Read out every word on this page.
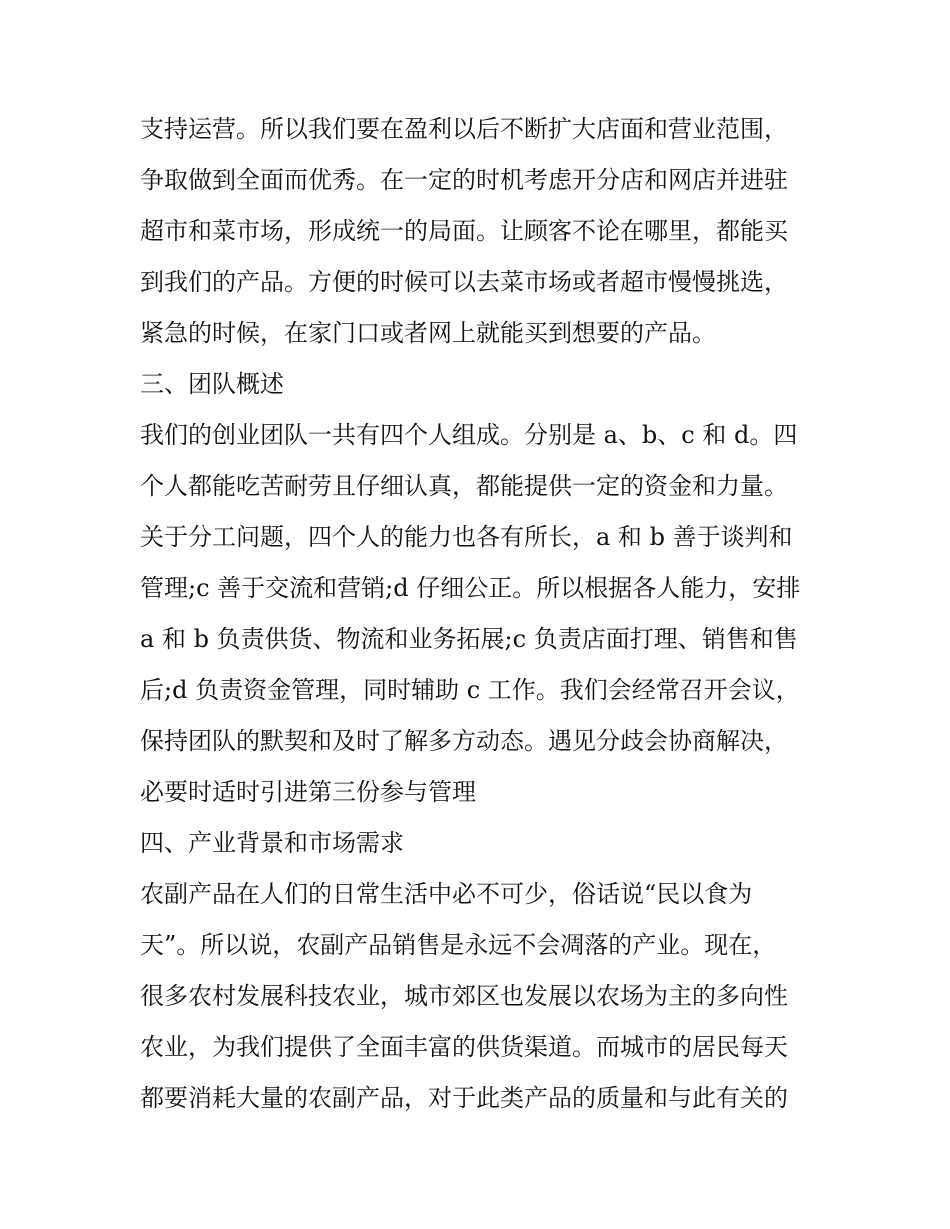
支持运营。所以我们要在盈利以后不断扩大店面和营业范围，
争取做到全面而优秀。在一定的时机考虑开分店和网店并进驻
超市和菜市场，形成统一的局面。让顾客不论在哪里，都能买
到我们的产品。方便的时候可以去菜市场或者超市慢慢挑选，
紧急的时候，在家门口或者网上就能买到想要的产品。
三、团队概述
我们的创业团队一共有四个人组成。分别是 a、b、c 和 d。四
个人都能吃苦耐劳且仔细认真，都能提供一定的资金和力量。
关于分工问题，四个人的能力也各有所长，a 和 b 善于谈判和
管理;c 善于交流和营销;d 仔细公正。所以根据各人能力，安排
a 和 b 负责供货、物流和业务拓展;c 负责店面打理、销售和售
后;d 负责资金管理，同时辅助 c 工作。我们会经常召开会议，
保持团队的默契和及时了解多方动态。遇见分歧会协商解决，
必要时适时引进第三份参与管理
四、产业背景和市场需求
农副产品在人们的日常生活中必不可少，俗话说“民以食为
天”。所以说，农副产品销售是永远不会凋落的产业。现在，
很多农村发展科技农业，城市郊区也发展以农场为主的多向性
农业，为我们提供了全面丰富的供货渠道。而城市的居民每天
都要消耗大量的农副产品，对于此类产品的质量和与此有关的
